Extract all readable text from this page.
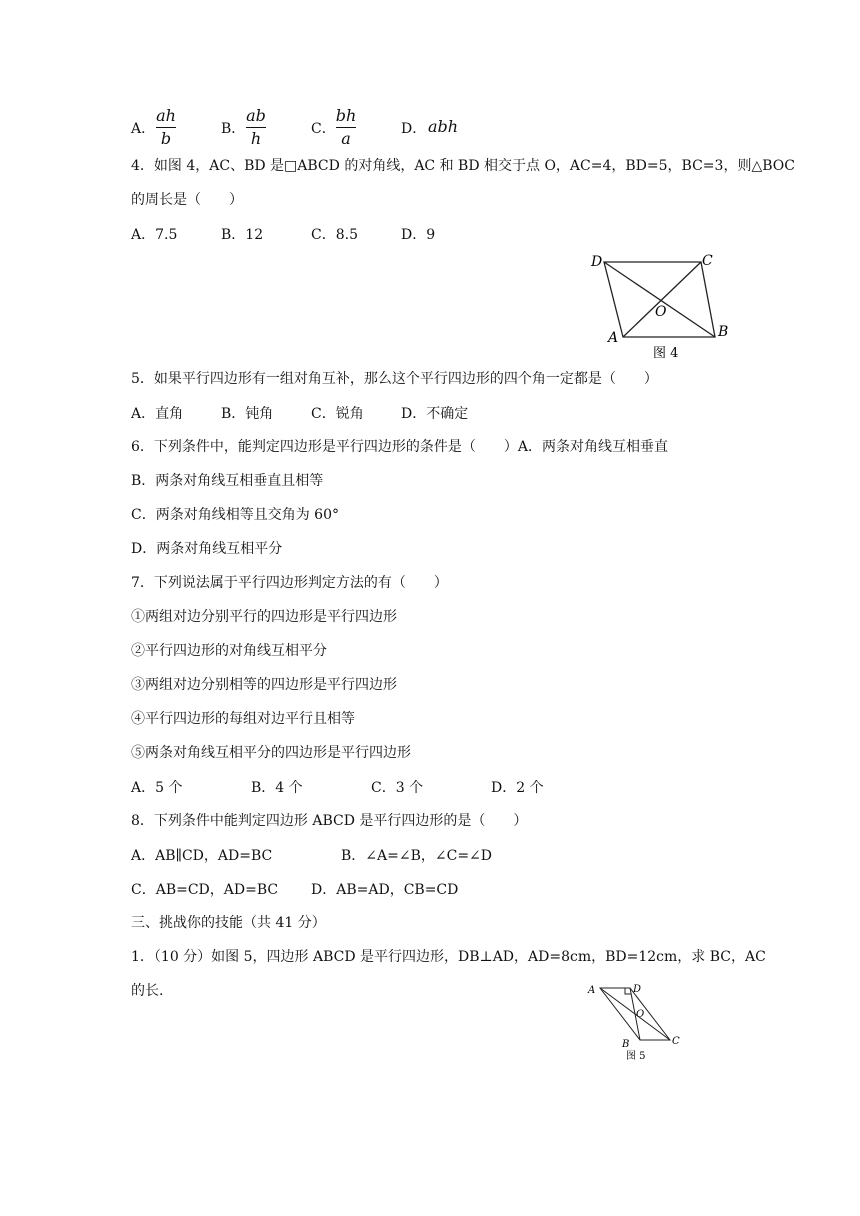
A．
ah
b	B．
ab
h	C．
bh
a	D． abh
4．如图 4，AC、BD 是□ABCD 的对角线，AC 和 BD 相交于点 O，AC=4，BD=5，BC=3，则△BOC
的周长是（　　）
A．7.5	B．12	C．8.5	D．9
D	C
O
A	B
图 4
5．如果平行四边形有一组对角互补，那么这个平行四边形的四个角一定都是（　　）
A．直角	B．钝角	C．锐角	D．不确定
6．下列条件中，能判定四边形是平行四边形的条件是（　　）A．两条对角线互相垂直
B．两条对角线互相垂直且相等
C．两条对角线相等且交角为 60°
D．两条对角线互相平分
7．下列说法属于平行四边形判定方法的有（　　）
①两组对边分别平行的四边形是平行四边形
②平行四边形的对角线互相平分
③两组对边分别相等的四边形是平行四边形
④平行四边形的每组对边平行且相等
⑤两条对角线互相平分的四边形是平行四边形
A．5 个	B．4 个	C．3 个	D．2 个
8．下列条件中能判定四边形 ABCD 是平行四边形的是（　　）
A．AB∥CD，AD=BC	B．∠A=∠B，∠C=∠D
C．AB=CD，AD=BC D．AB=AD，CB=CD
三、挑战你的技能（共 41 分）
1．（10 分）如图 5，四边形 ABCD 是平行四边形，DB⊥AD，AD=8cm，BD=12cm，求 BC，AC
的长.	A	D
O
B	C
图 5
